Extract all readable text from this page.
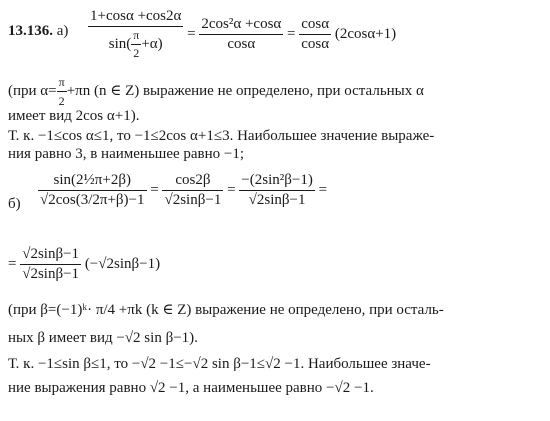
13.136. $а) \frac{1+\cos\alpha +\cos 2\alpha}{\sin( \frac{\pi}{2} +\alpha)} = \frac{\text{2cos²α +cosα}}{\cos\alpha} = \frac{\cos\alpha}{\cos\alpha} (2\cos\alpha+1)$
(при $\alpha= \frac{\pi}{2} +\pi n$ (n ∈ Z) выражение не определено, при остальных α
имеет вид 2cos α+1).
Т. к. −1≤cos α≤1, то −1≤2cos α+1≤3. Наибольшее значение выраже-
ния равно 3, в наименьшее равно −1;
$б) \frac{\text{sin(2½π+2β)}}{√2\cos(3/2\pi+\beta)-1} = \frac{\cos 2\beta}{√2\sin\beta-1} = \frac{\text{−(2sin²β−1)}}{√2\sin\beta-1}$ =
= $\frac{√2\sin\beta-1}{√2\sin\beta-1} (-√2\sin\beta-1)$
(при β=(−1)ᵏ· π/4 +πk (k ∈ Z) выражение не определено, при осталь-
ных β имеет вид −√2 sin β−1).
Т. к. −1≤sin β≤1, то −√2 −1≤−√2 sin β−1≤√2 −1. Наибольшее значе-
ние выражения равно √2 −1, а наименьшее равно −√2 −1.
